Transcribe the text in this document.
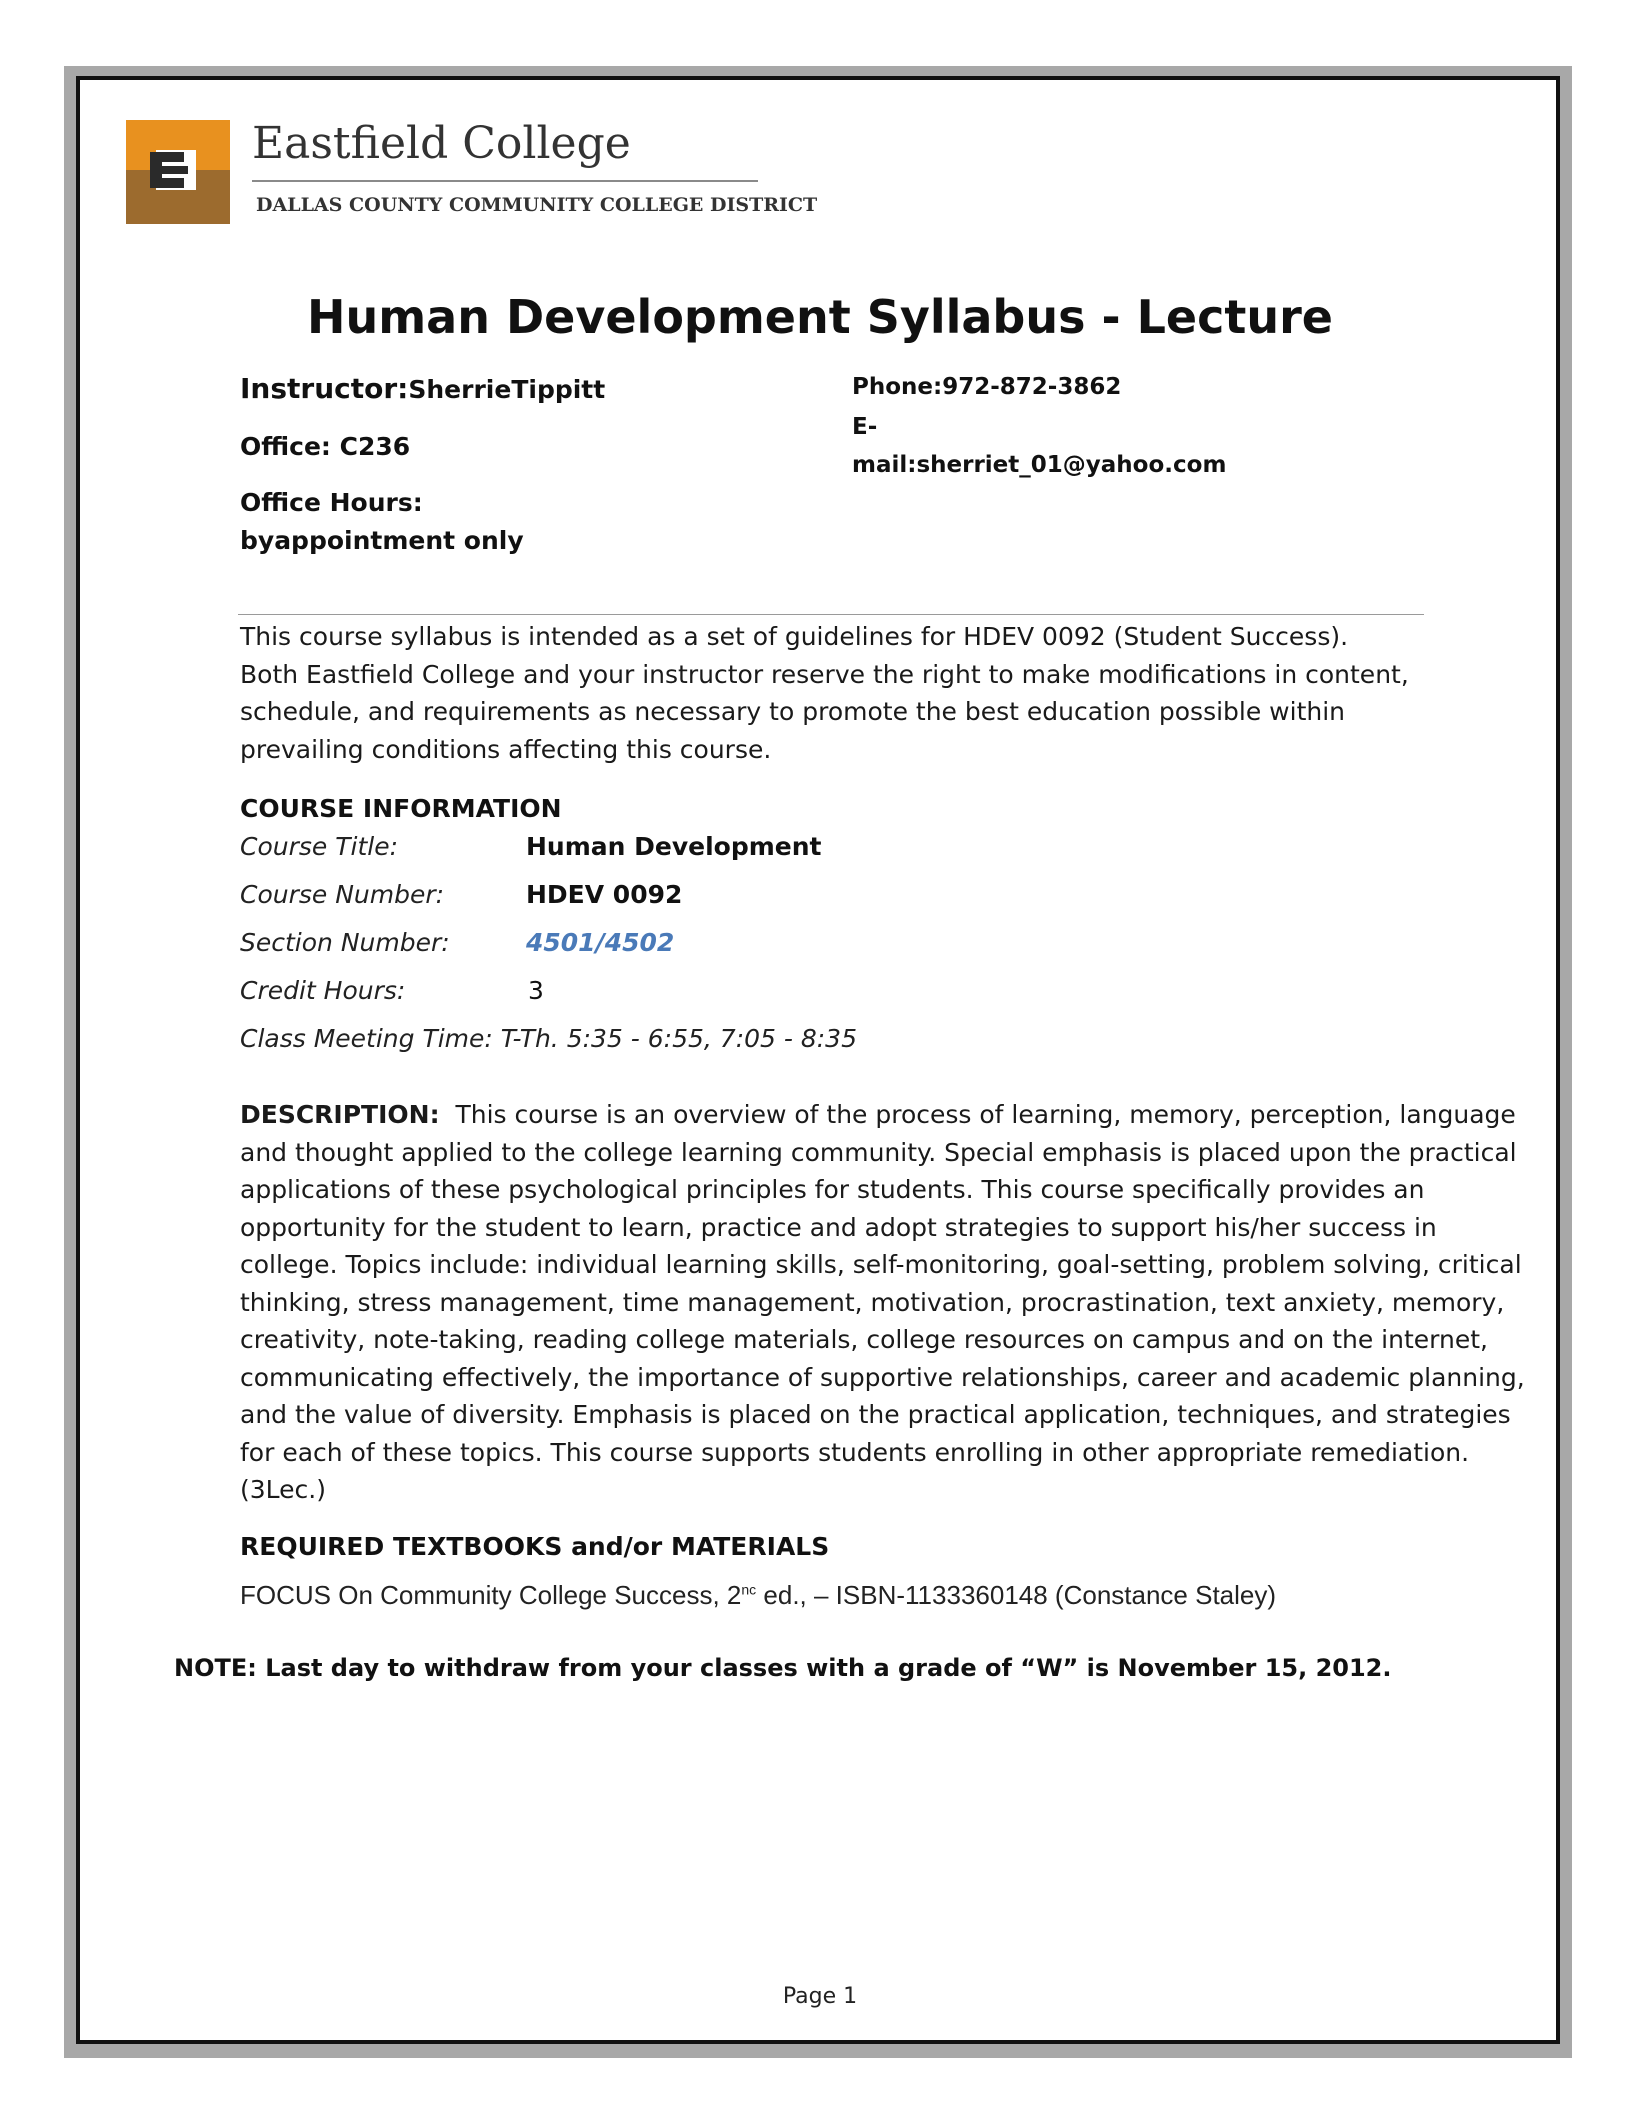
Eastfield College
DALLAS COUNTY COMMUNITY COLLEGE DISTRICT
Human Development Syllabus - Lecture
Instructor:SherrieTippitt
Office: C236
Office Hours:
byappointment only
Phone:972-872-3862
E-
mail:sherriet_01@yahoo.com
This course syllabus is intended as a set of guidelines for HDEV 0092 (Student Success).
Both Eastfield College and your instructor reserve the right to make modifications in content,
schedule, and requirements as necessary to promote the best education possible within
prevailing conditions affecting this course.
COURSE INFORMATION
Course Title:	Human Development
Course Number:	HDEV 0092
Section Number:	4501/4502
Credit Hours:	3
Class Meeting Time: T-Th. 5:35 - 6:55, 7:05 - 8:35
DESCRIPTION: This course is an overview of the process of learning, memory, perception, language
and thought applied to the college learning community. Special emphasis is placed upon the practical
applications of these psychological principles for students. This course specifically provides an
opportunity for the student to learn, practice and adopt strategies to support his/her success in
college. Topics include: individual learning skills, self-monitoring, goal-setting, problem solving, critical
thinking, stress management, time management, motivation, procrastination, text anxiety, memory,
creativity, note-taking, reading college materials, college resources on campus and on the internet,
communicating effectively, the importance of supportive relationships, career and academic planning,
and the value of diversity. Emphasis is placed on the practical application, techniques, and strategies
for each of these topics. This course supports students enrolling in other appropriate remediation.
(3Lec.)
REQUIRED TEXTBOOKS and/or MATERIALS
FOCUS On Community College Success, $2^{nc}$ ed., – ISBN-1133360148 (Constance Staley)
NOTE: Last day to withdraw from your classes with a grade of “W” is November 15, 2012.
Page 1
